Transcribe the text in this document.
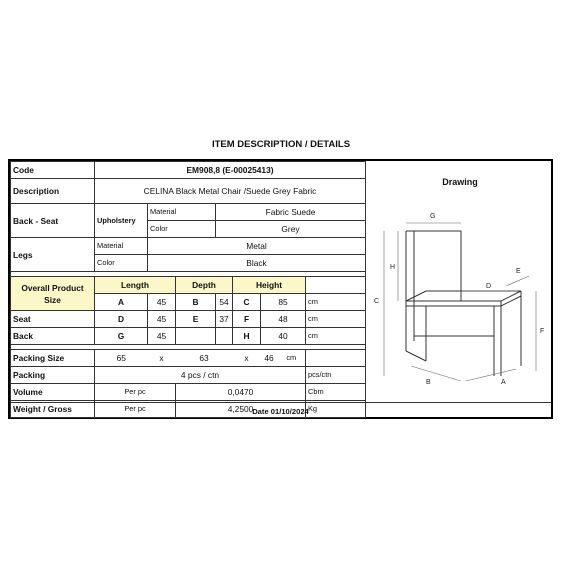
ITEM DESCRIPTION / DETAILS
Code	EM908,8 (E-00025413)							
Description	CELINA Black Metal Chair /Suede Grey Fabric							
Back - Seat	Upholstery	Material		Fabric Suede				
		Color		Grey				
Legs	Material	Metal						
	Color	Black						

Overall Product
Size	Length		Depth		Height			
	A	45	B	54	C	85		cm
Seat	D	45	E	37	F	48		cm
Back	G	45			H	40		cm

Packing Size	65	x	63		x	46	cm	
Packing	4 pcs / ctn							pcs/ctn
Volume	Per pc		0,0470					Cbm
Weight / Gross	Per pc		4,2500					Kg
Drawing
G
H
E
C
D
F
B	A
Date 01/10/2024
